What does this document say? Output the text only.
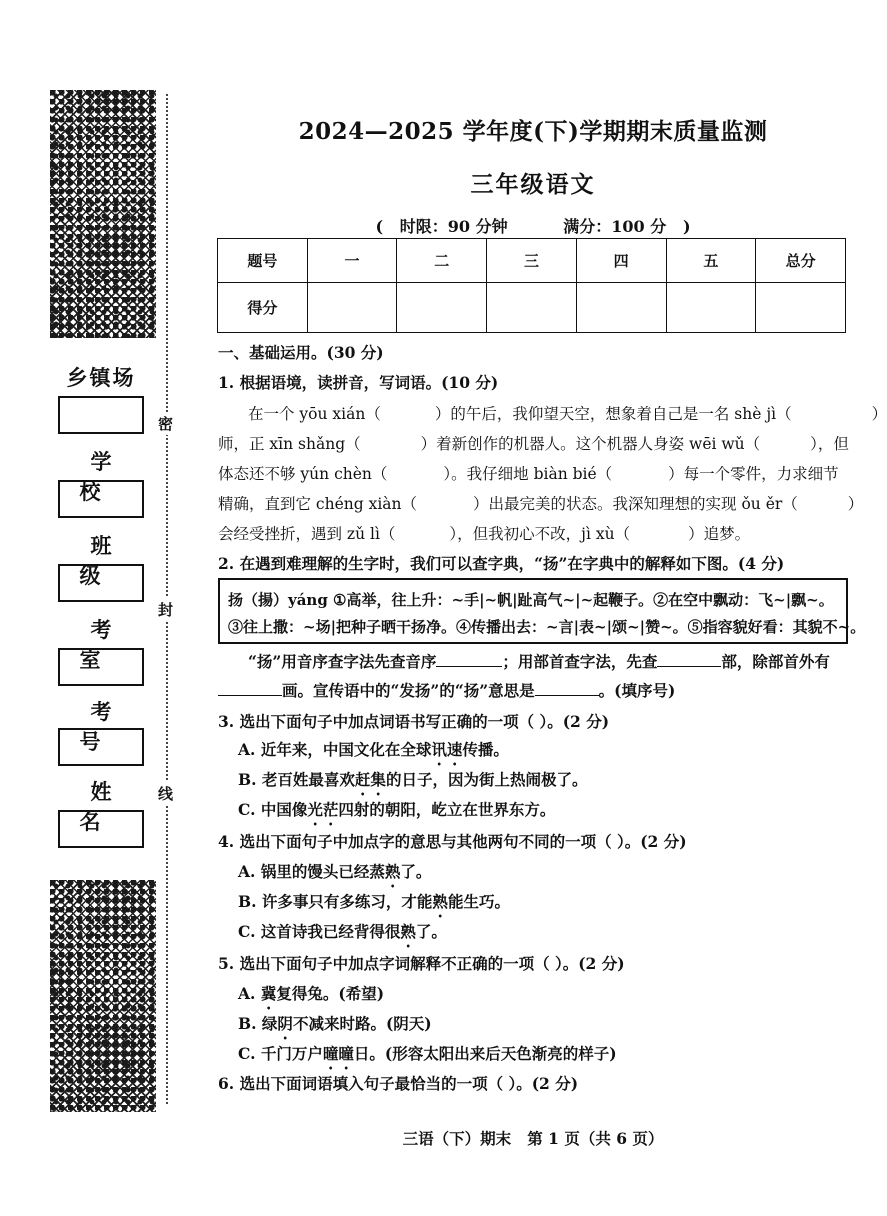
乡镇场
学 校
班 级
考 室
考 号
姓 名
密
封
线
2024—2025 学年度(下)学期期末质量监测
三年级语文
(   时限：90 分钟          满分：100 分   )
题号	一	二	三	四	五	总分
得分						
一、基础运用。(30 分)
1. 根据语境，读拼音，写词语。(10 分)
在一个 yōu xián（	）的午后，我仰望天空，想象着自己是一名 shè jì（	）
师，正 xīn shǎng（	）着新创作的机器人。这个机器人身姿 wēi wǔ（	），但
体态还不够 yún chèn（	）。我仔细地 biàn bié（	）每一个零件，力求细节
精确，直到它 chéng xiàn（	）出最完美的状态。我深知理想的实现 ǒu ěr（	）
会经受挫折，遇到 zǔ lì（	），但我初心不改，jì xù（	）追梦。
2. 在遇到难理解的生字时，我们可以查字典，“扬”在字典中的解释如下图。(4 分)
扬（揚）yáng ①高举，往上升：~手|~帆|趾高气~|~起鞭子。②在空中飘动：飞~|飘~。
③往上撒：~场|把种子晒干扬净。④传播出去：~言|表~|颂~|赞~。⑤指容貌好看：其貌不~。
“扬”用音序查字法先查音序	；用部首查字法，先查	部，除部首外有
画。宣传语中的“发扬”的“扬”意思是	。(填序号)
3. 选出下面句子中加点词语书写正确的一项（ ）。(2 分)
A. 近年来，中国文化在全球讯速传播。
B. 老百姓最喜欢赶集的日子，因为街上热闹极了。
C. 中国像光茫四射的朝阳，屹立在世界东方。
4. 选出下面句子中加点字的意思与其他两句不同的一项（ ）。(2 分)
A. 锅里的馒头已经蒸熟了。
B. 许多事只有多练习，才能熟能生巧。
C. 这首诗我已经背得很熟了。
5. 选出下面句子中加点字词解释不正确的一项（ ）。(2 分)
A. 冀复得兔。(希望)
B. 绿阴不减来时路。(阴天)
C. 千门万户曈曈日。(形容太阳出来后天色渐亮的样子)
6. 选出下面词语填入句子最恰当的一项（ ）。(2 分)
三语（下）期末   第 1 页（共 6 页）
